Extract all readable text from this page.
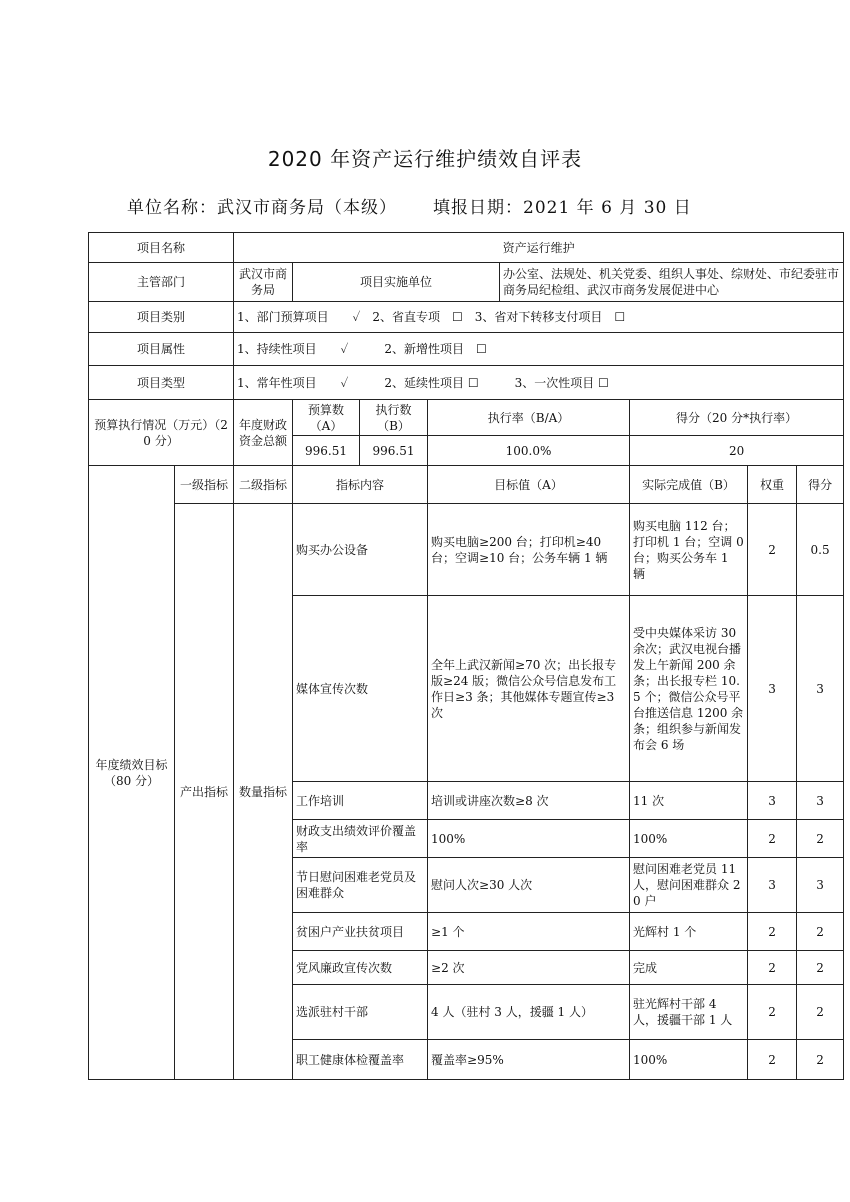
2020 年资产运行维护绩效自评表
单位名称：武汉市商务局（本级） 填报日期：2021 年 6 月 30 日
项目名称		资产运行维护							
主管部门		武汉市商务局	项目实施单位			办公室、法规处、机关党委、组织人事处、综财处、市纪委驻市商务局纪检组、武汉市商务发展促进中心			
项目类别		1、部门预算项目　　✓　2、省直专项　☐　3、省对下转移支付项目　☐							
项目属性		1、持续性项目　　✓　　　2、新增性项目　☐							
项目类型		1、常年性项目　　✓　　　2、延续性项目 ☐　　　3、一次性项目 ☐							
预算执行情况（万元）（20 分）		年度财政资金总额	预算数（A）	执行数（B）	执行率（B/A）		得分（20 分*执行率）		
			996.51	996.51	100.0%		20		
年度绩效目标（80 分）	一级指标	二级指标	指标内容		目标值（A）		实际完成值（B）	权重	得分
	产出指标	数量指标	购买办公设备		购买电脑≥200 台；打印机≥40 台；空调≥10 台；公务车辆 1 辆		购买电脑 112 台；打印机 1 台；空调 0 台；购买公务车 1 辆	2	0.5
			媒体宣传次数		全年上武汉新闻≥70 次；出长报专版≥24 版；微信公众号信息发布工作日≥3 条；其他媒体专题宣传≥3 次		受中央媒体采访 30 余次；武汉电视台播发上午新闻 200 余条；出长报专栏 10.5 个；微信公众号平台推送信息 1200 余条；组织参与新闻发布会 6 场	3	3
			工作培训		培训或讲座次数≥8 次		11 次	3	3
			财政支出绩效评价覆盖率		100%		100%	2	2
			节日慰问困难老党员及困难群众		慰问人次≥30 人次		慰问困难老党员 11 人，慰问困难群众 20 户	3	3
			贫困户产业扶贫项目		≥1 个		光辉村 1 个	2	2
			党风廉政宣传次数		≥2 次		完成	2	2
			选派驻村干部		4 人（驻村 3 人，援疆 1 人）		驻光辉村干部 4 人，援疆干部 1 人	2	2
			职工健康体检覆盖率		覆盖率≥95%		100%	2	2
